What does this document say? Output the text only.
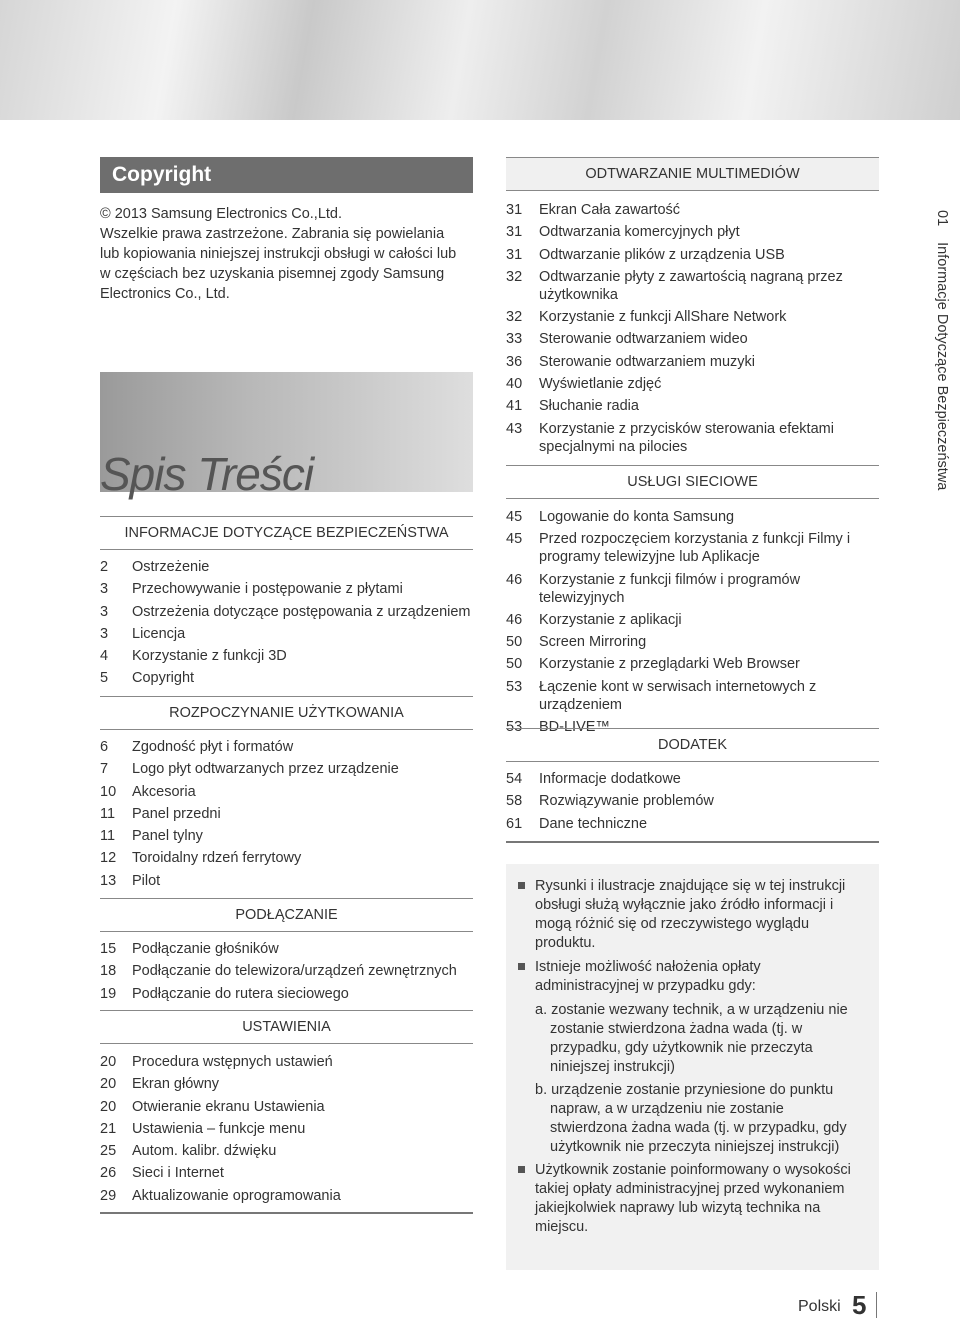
Copyright
© 2013 Samsung Electronics Co.,Ltd.
Wszelkie prawa zastrzeżone. Zabrania się powielania
lub kopiowania niniejszej instrukcji obsługi w całości lub
w częściach bez uzyskania pisemnej zgody Samsung
Electronics Co., Ltd.
Spis Treści
INFORMACJE DOTYCZĄCE BEZPIECZEŃSTWA
2	Ostrzeżenie
3	Przechowywanie i postępowanie z płytami
3	Ostrzeżenia dotyczące postępowania z urządzeniem
3	Licencja
4	Korzystanie z funkcji 3D
5	Copyright
ROZPOCZYNANIE UŻYTKOWANIA
6	Zgodność płyt i formatów
7	Logo płyt odtwarzanych przez urządzenie
10	Akcesoria
11	Panel przedni
11	Panel tylny
12	Toroidalny rdzeń ferrytowy
13	Pilot
PODŁĄCZANIE
15	Podłączanie głośników
18	Podłączanie do telewizora/urządzeń zewnętrznych
19	Podłączanie do rutera sieciowego
USTAWIENIA
20	Procedura wstępnych ustawień
20	Ekran główny
20	Otwieranie ekranu Ustawienia
21	Ustawienia – funkcje menu
25	Autom. kalibr. dźwięku
26	Sieci i Internet
29	Aktualizowanie oprogramowania
ODTWARZANIE MULTIMEDIÓW
31	Ekran Cała zawartość
31	Odtwarzania komercyjnych płyt
31	Odtwarzanie plików z urządzenia USB
32	Odtwarzanie płyty z zawartością nagraną przez użytkownika
32	Korzystanie z funkcji AllShare Network
33	Sterowanie odtwarzaniem wideo
36	Sterowanie odtwarzaniem muzyki
40	Wyświetlanie zdjęć
41	Słuchanie radia
43	Korzystanie z przycisków sterowania efektami specjalnymi na pilocies
USŁUGI SIECIOWE
45	Logowanie do konta Samsung
45	Przed rozpoczęciem korzystania z funkcji Filmy i programy telewizyjne lub Aplikacje
46	Korzystanie z funkcji filmów i programów telewizyjnych
46	Korzystanie z aplikacji
50	Screen Mirroring
50	Korzystanie z przeglądarki Web Browser
53	Łączenie kont w serwisach internetowych z urządzeniem
53	BD-LIVE™
DODATEK
54	Informacje dodatkowe
58	Rozwiązywanie problemów
61	Dane techniczne
Rysunki i ilustracje znajdujące się w tej instrukcji obsługi służą wyłącznie jako źródło informacji i mogą różnić się od rzeczywistego wyglądu produktu.
Istnieje możliwość nałożenia opłaty administracyjnej w przypadku gdy:
a. zostanie wezwany technik, a w urządzeniu nie zostanie stwierdzona żadna wada (tj. w przypadku, gdy użytkownik nie przeczyta niniejszej instrukcji)
b. urządzenie zostanie przyniesione do punktu napraw, a w urządzeniu nie zostanie stwierdzona żadna wada (tj. w przypadku, gdy użytkownik nie przeczyta niniejszej instrukcji)
Użytkownik zostanie poinformowany o wysokości takiej opłaty administracyjnej przed wykonaniem jakiejkolwiek naprawy lub wizytą technika na miejscu.
01Informacje Dotyczące Bezpieczeństwa
Polski 5
